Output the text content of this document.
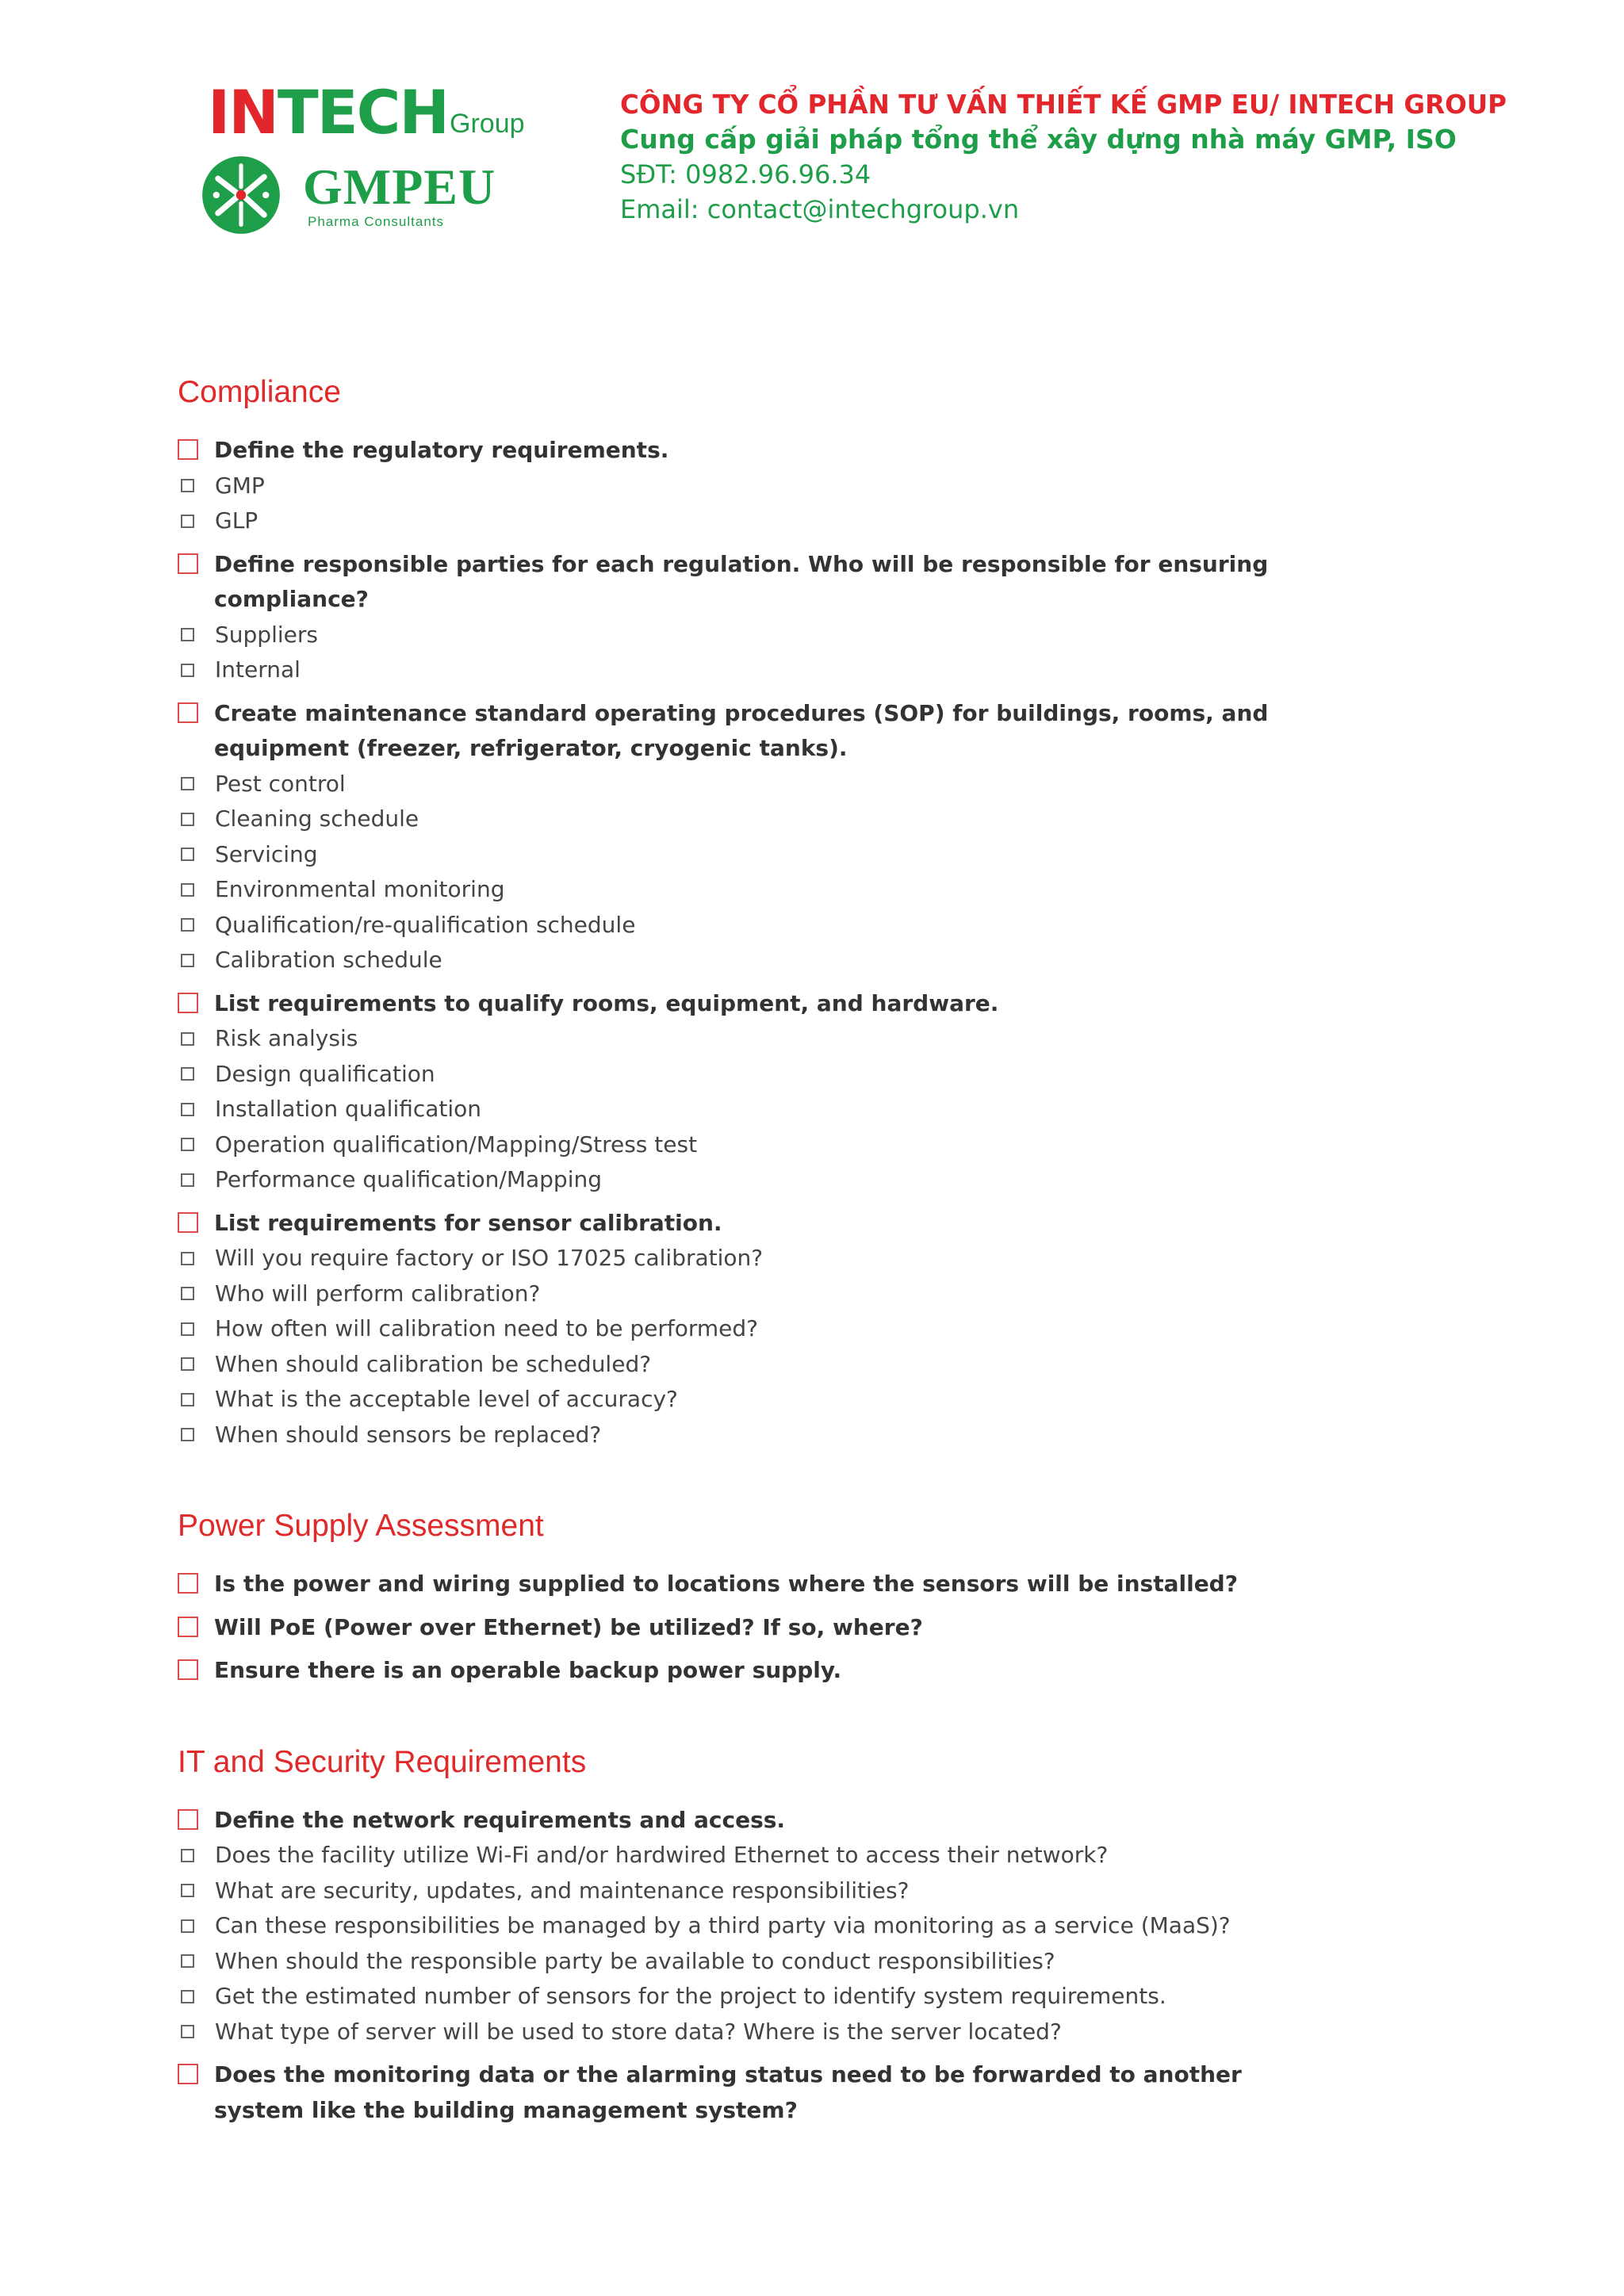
IN TECH Group
GMPEU
Pharma Consultants
CÔNG TY CỔ PHẦN TƯ VẤN THIẾT KẾ GMP EU/ INTECH GROUP
Cung cấp giải pháp tổng thể xây dựng nhà máy GMP, ISO
SĐT: 0982.96.96.34
Email: contact@intechgroup.vn
Compliance
Define the regulatory requirements.
GMP
GLP
Define responsible parties for each regulation. Who will be responsible for ensuring compliance?
Suppliers
Internal
Create maintenance standard operating procedures (SOP) for buildings, rooms, and equipment (freezer, refrigerator, cryogenic tanks).
Pest control
Cleaning schedule
Servicing
Environmental monitoring
Qualification/re-qualification schedule
Calibration schedule
List requirements to qualify rooms, equipment, and hardware.
Risk analysis
Design qualification
Installation qualification
Operation qualification/Mapping/Stress test
Performance qualification/Mapping
List requirements for sensor calibration.
Will you require factory or ISO 17025 calibration?
Who will perform calibration?
How often will calibration need to be performed?
When should calibration be scheduled?
What is the acceptable level of accuracy?
When should sensors be replaced?
Power Supply Assessment
Is the power and wiring supplied to locations where the sensors will be installed?
Will PoE (Power over Ethernet) be utilized? If so, where?
Ensure there is an operable backup power supply.
IT and Security Requirements
Define the network requirements and access.
Does the facility utilize Wi-Fi and/or hardwired Ethernet to access their network?
What are security, updates, and maintenance responsibilities?
Can these responsibilities be managed by a third party via monitoring as a service (MaaS)?
When should the responsible party be available to conduct responsibilities?
Get the estimated number of sensors for the project to identify system requirements.
What type of server will be used to store data? Where is the server located?
Does the monitoring data or the alarming status need to be forwarded to another system like the building management system?
